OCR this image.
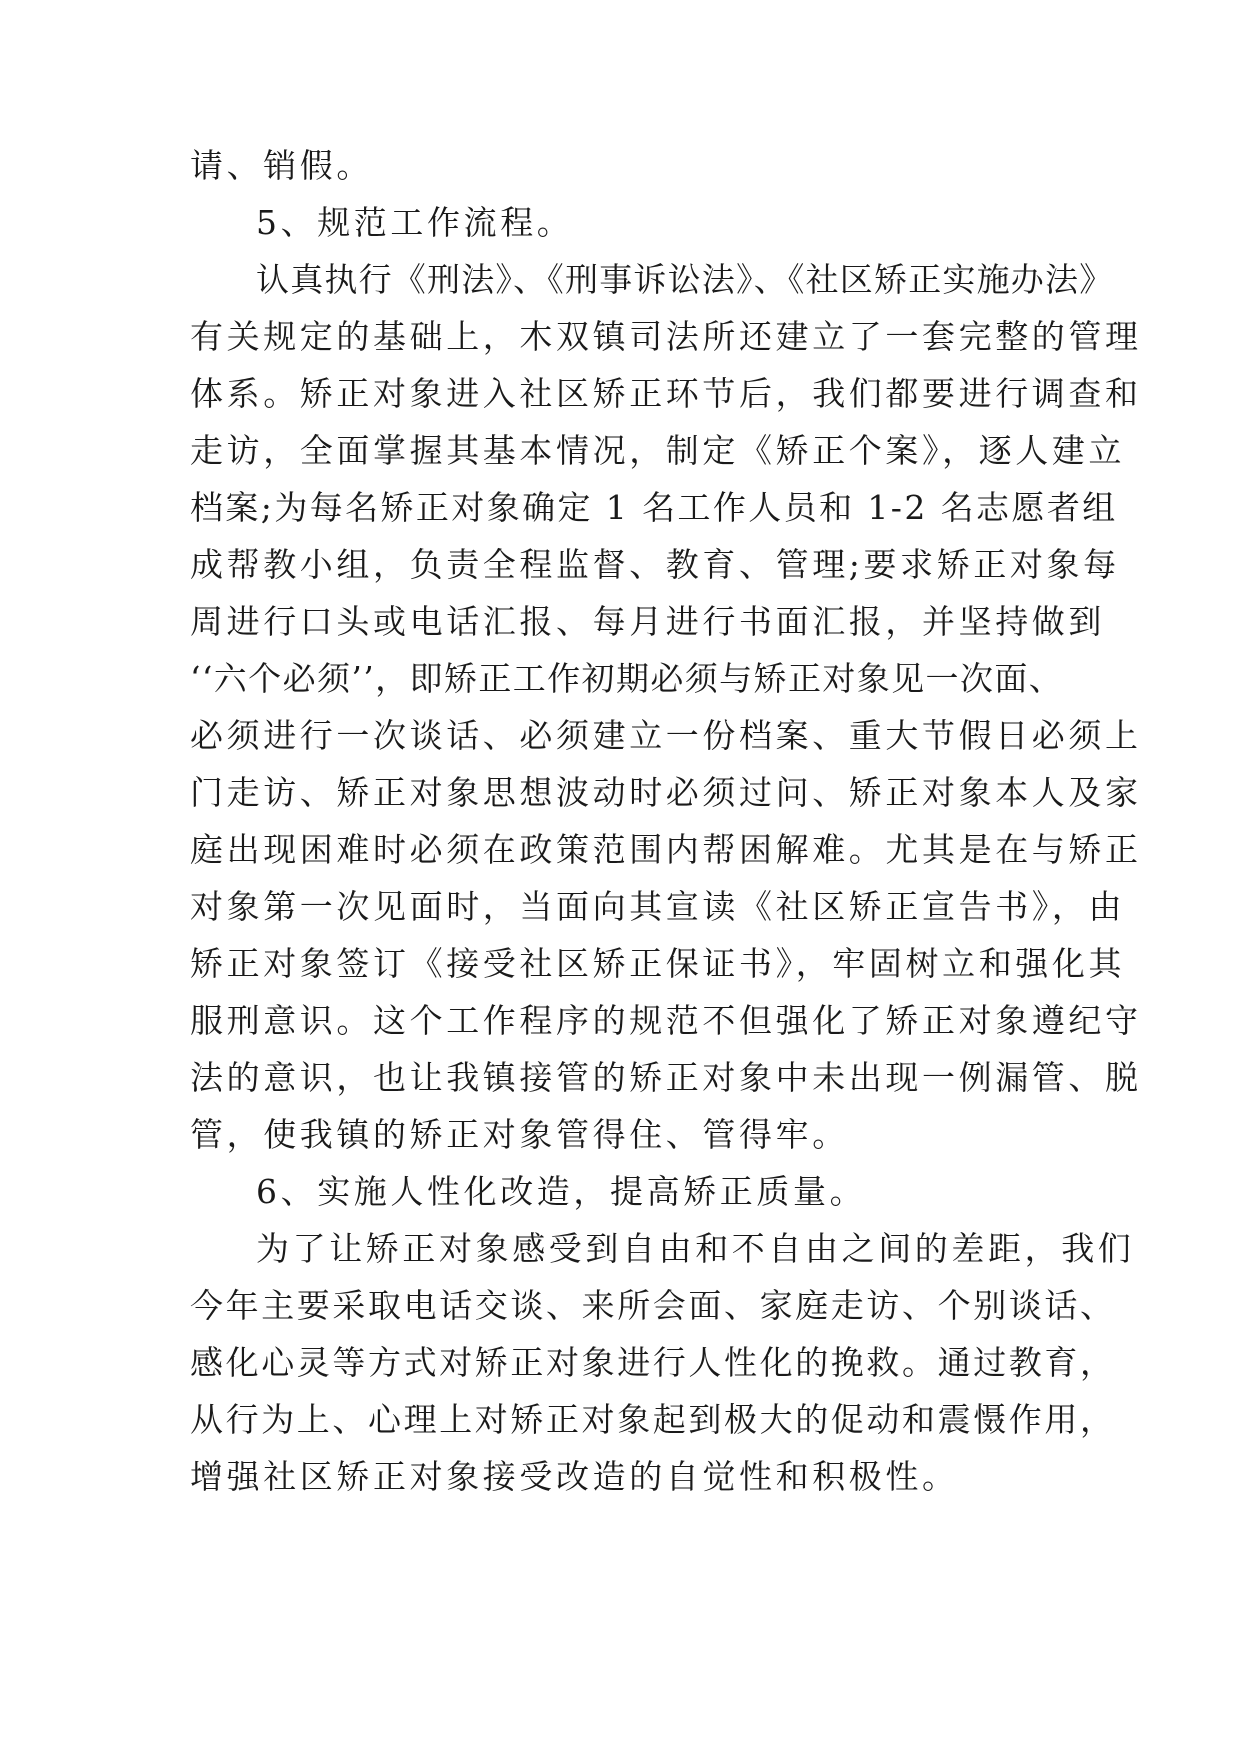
请、销假。
5、规范工作流程。
认真执行《刑法》、《刑事诉讼法》、《社区矫正实施办法》
有关规定的基础上，木双镇司法所还建立了一套完整的管理
体系。矫正对象进入社区矫正环节后，我们都要进行调查和
走访，全面掌握其基本情况，制定《矫正个案》，逐人建立
档案;为每名矫正对象确定 1 名工作人员和 1-2 名志愿者组
成帮教小组，负责全程监督、教育、管理;要求矫正对象每
周进行口头或电话汇报、每月进行书面汇报，并坚持做到
‘‘六个必须’’，即矫正工作初期必须与矫正对象见一次面、
必须进行一次谈话、必须建立一份档案、重大节假日必须上
门走访、矫正对象思想波动时必须过问、矫正对象本人及家
庭出现困难时必须在政策范围内帮困解难。尤其是在与矫正
对象第一次见面时，当面向其宣读《社区矫正宣告书》，由
矫正对象签订《接受社区矫正保证书》，牢固树立和强化其
服刑意识。这个工作程序的规范不但强化了矫正对象遵纪守
法的意识，也让我镇接管的矫正对象中未出现一例漏管、脱
管，使我镇的矫正对象管得住、管得牢。
6、实施人性化改造，提高矫正质量。
为了让矫正对象感受到自由和不自由之间的差距，我们
今年主要采取电话交谈、来所会面、家庭走访、个别谈话、
感化心灵等方式对矫正对象进行人性化的挽救。通过教育，
从行为上、心理上对矫正对象起到极大的促动和震慑作用，
增强社区矫正对象接受改造的自觉性和积极性。
